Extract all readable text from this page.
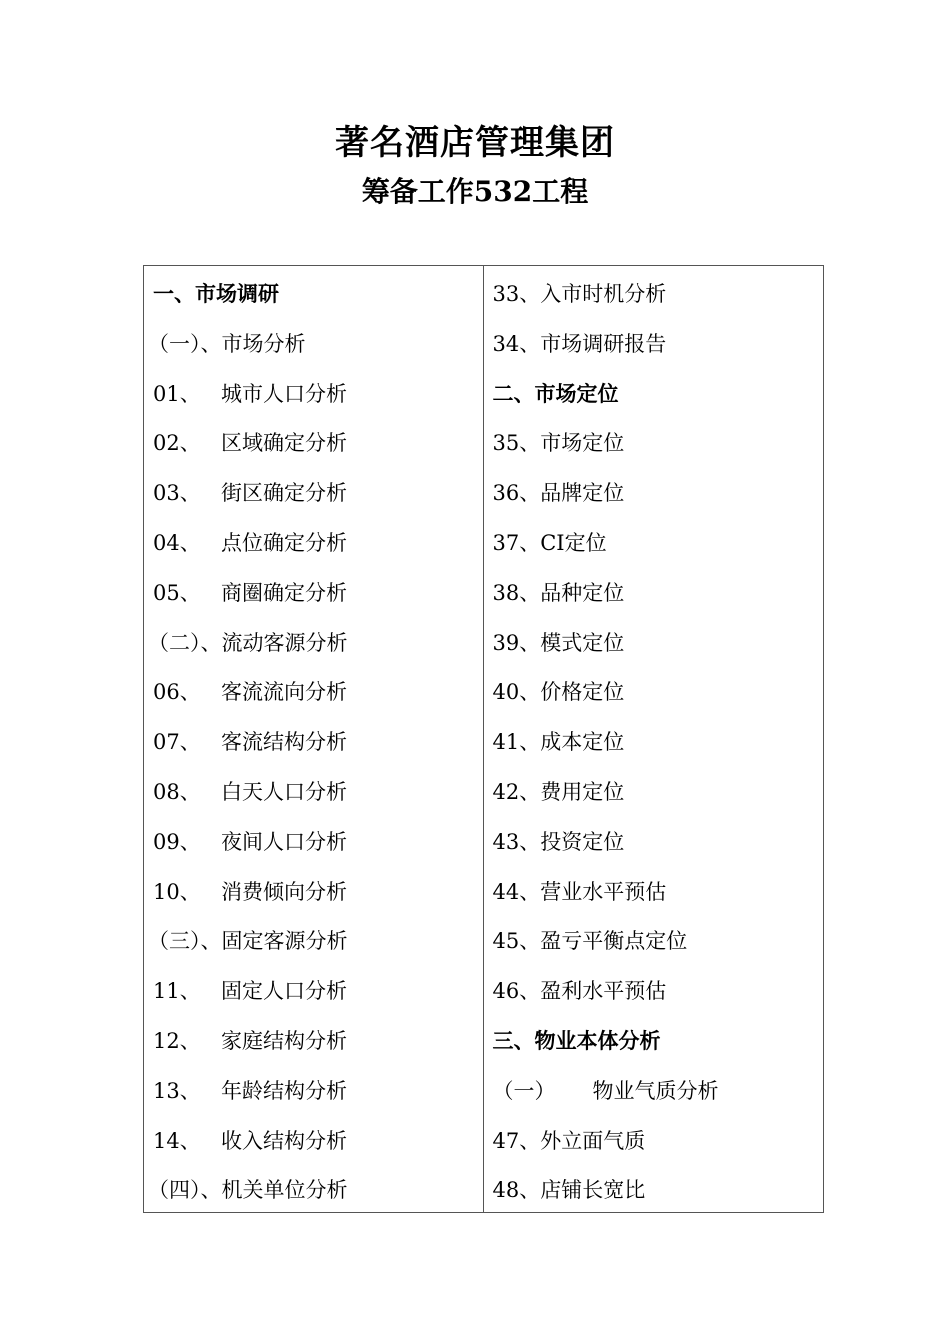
著名酒店管理集团
筹备工作532工程
一、市场调研
（一）、市场分析
01、 城市人口分析
02、 区域确定分析
03、 街区确定分析
04、 点位确定分析
05、 商圈确定分析
（二）、流动客源分析
06、 客流流向分析
07、 客流结构分析
08、 白天人口分析
09、 夜间人口分析
10、 消费倾向分析
（三）、固定客源分析
11、 固定人口分析
12、 家庭结构分析
13、 年龄结构分析
14、 收入结构分析
（四）、机关单位分析
33、入市时机分析
34、市场调研报告
二、市场定位
35、市场定位
36、品牌定位
37、CI定位
38、品种定位
39、模式定位
40、价格定位
41、成本定位
42、费用定位
43、投资定位
44、营业水平预估
45、盈亏平衡点定位
46、盈利水平预估
三、物业本体分析
（一） 物业气质分析
47、外立面气质
48、店铺长宽比
